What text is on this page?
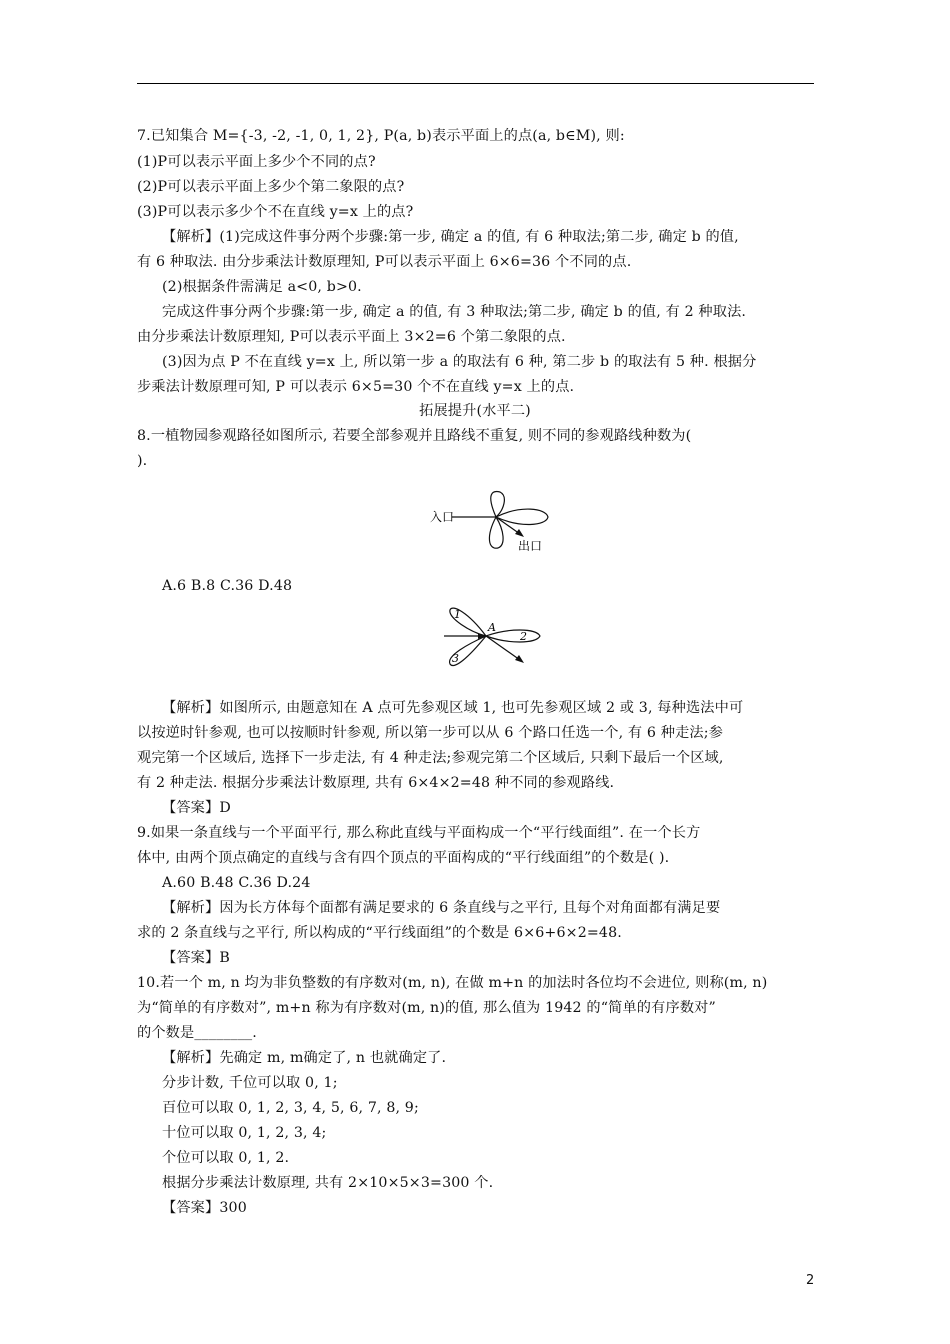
7.已知集合 M={-3, -2, -1, 0, 1, 2}, P(a, b)表示平面上的点(a, b∈M), 则:
(1)P可以表示平面上多少个不同的点?
(2)P可以表示平面上多少个第二象限的点?
(3)P可以表示多少个不在直线 y=x 上的点?
【解析】(1)完成这件事分两个步骤:第一步, 确定 a 的值, 有 6 种取法;第二步, 确定 b 的值,
有 6 种取法. 由分步乘法计数原理知, P可以表示平面上 6×6=36 个不同的点.
(2)根据条件需满足 a<0, b>0.
完成这件事分两个步骤:第一步, 确定 a 的值, 有 3 种取法;第二步, 确定 b 的值, 有 2 种取法.
由分步乘法计数原理知, P可以表示平面上 3×2=6 个第二象限的点.
(3)因为点 P 不在直线 y=x 上, 所以第一步 a 的取法有 6 种, 第二步 b 的取法有 5 种. 根据分
步乘法计数原理可知, P 可以表示 6×5=30 个不在直线 y=x 上的点.
拓展提升(水平二)
8.一植物园参观路径如图所示, 若要全部参观并且路线不重复, 则不同的参观路线种数为(
).
入口
出口
A.6 B.8 C.36 D.48
1
2
3
A
【解析】如图所示, 由题意知在 A 点可先参观区域 1, 也可先参观区域 2 或 3, 每种选法中可
以按逆时针参观, 也可以按顺时针参观, 所以第一步可以从 6 个路口任选一个, 有 6 种走法;参
观完第一个区域后, 选择下一步走法, 有 4 种走法;参观完第二个区域后, 只剩下最后一个区域,
有 2 种走法. 根据分步乘法计数原理, 共有 6×4×2=48 种不同的参观路线.
【答案】D
9.如果一条直线与一个平面平行, 那么称此直线与平面构成一个“平行线面组”. 在一个长方
体中, 由两个顶点确定的直线与含有四个顶点的平面构成的“平行线面组”的个数是( ).
A.60 B.48 C.36 D.24
【解析】因为长方体每个面都有满足要求的 6 条直线与之平行, 且每个对角面都有满足要
求的 2 条直线与之平行, 所以构成的“平行线面组”的个数是 6×6+6×2=48.
【答案】B
10.若一个 m, n 均为非负整数的有序数对(m, n), 在做 m+n 的加法时各位均不会进位, 则称(m, n)
为“简单的有序数对”, m+n 称为有序数对(m, n)的值, 那么值为 1942 的“简单的有序数对”
的个数是________.
【解析】先确定 m, m确定了, n 也就确定了.
分步计数, 千位可以取 0, 1;
百位可以取 0, 1, 2, 3, 4, 5, 6, 7, 8, 9;
十位可以取 0, 1, 2, 3, 4;
个位可以取 0, 1, 2.
根据分步乘法计数原理, 共有 2×10×5×3=300 个.
【答案】300
2
